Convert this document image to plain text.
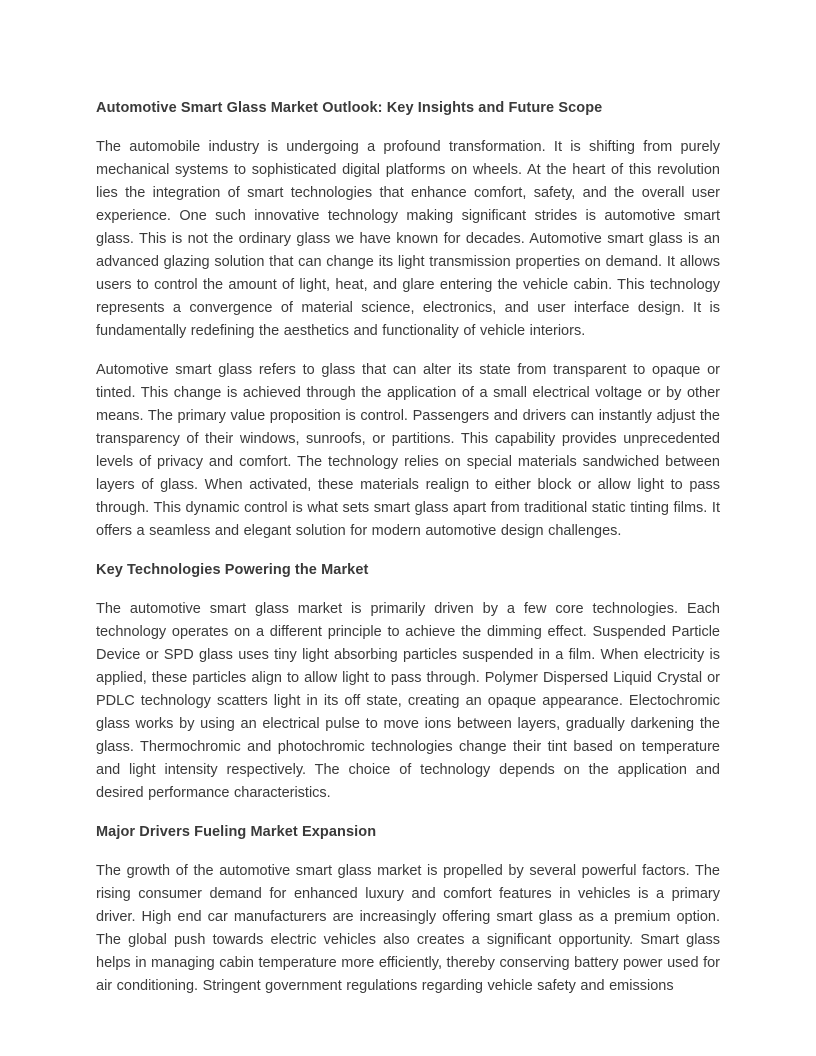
Automotive Smart Glass Market Outlook: Key Insights and Future Scope

The automobile industry is undergoing a profound transformation. It is shifting from purely mechanical systems to sophisticated digital platforms on wheels. At the heart of this revolution lies the integration of smart technologies that enhance comfort, safety, and the overall user experience. One such innovative technology making significant strides is automotive smart glass. This is not the ordinary glass we have known for decades. Automotive smart glass is an advanced glazing solution that can change its light transmission properties on demand. It allows users to control the amount of light, heat, and glare entering the vehicle cabin. This technology represents a convergence of material science, electronics, and user interface design. It is fundamentally redefining the aesthetics and functionality of vehicle interiors.

Automotive smart glass refers to glass that can alter its state from transparent to opaque or tinted. This change is achieved through the application of a small electrical voltage or by other means. The primary value proposition is control. Passengers and drivers can instantly adjust the transparency of their windows, sunroofs, or partitions. This capability provides unprecedented levels of privacy and comfort. The technology relies on special materials sandwiched between layers of glass. When activated, these materials realign to either block or allow light to pass through. This dynamic control is what sets smart glass apart from traditional static tinting films. It offers a seamless and elegant solution for modern automotive design challenges.

Key Technologies Powering the Market

The automotive smart glass market is primarily driven by a few core technologies. Each technology operates on a different principle to achieve the dimming effect. Suspended Particle Device or SPD glass uses tiny light absorbing particles suspended in a film. When electricity is applied, these particles align to allow light to pass through. Polymer Dispersed Liquid Crystal or PDLC technology scatters light in its off state, creating an opaque appearance. Electochromic glass works by using an electrical pulse to move ions between layers, gradually darkening the glass. Thermochromic and photochromic technologies change their tint based on temperature and light intensity respectively. The choice of technology depends on the application and desired performance characteristics.

Major Drivers Fueling Market Expansion

The growth of the automotive smart glass market is propelled by several powerful factors. The rising consumer demand for enhanced luxury and comfort features in vehicles is a primary driver. High end car manufacturers are increasingly offering smart glass as a premium option. The global push towards electric vehicles also creates a significant opportunity. Smart glass helps in managing cabin temperature more efficiently, thereby conserving battery power used for air conditioning. Stringent government regulations regarding vehicle safety and emissions
